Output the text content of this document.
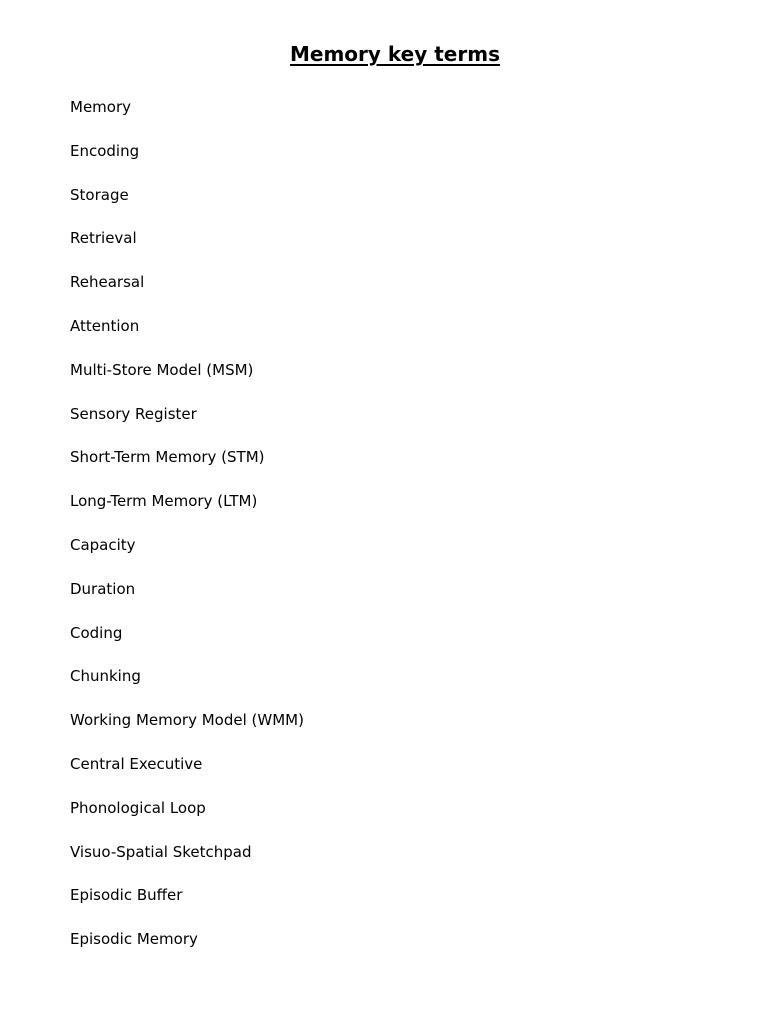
Memory key terms
Memory
Encoding
Storage
Retrieval
Rehearsal
Attention
Multi-Store Model (MSM)
Sensory Register
Short-Term Memory (STM)
Long-Term Memory (LTM)
Capacity
Duration
Coding
Chunking
Working Memory Model (WMM)
Central Executive
Phonological Loop
Visuo-Spatial Sketchpad
Episodic Buffer
Episodic Memory
